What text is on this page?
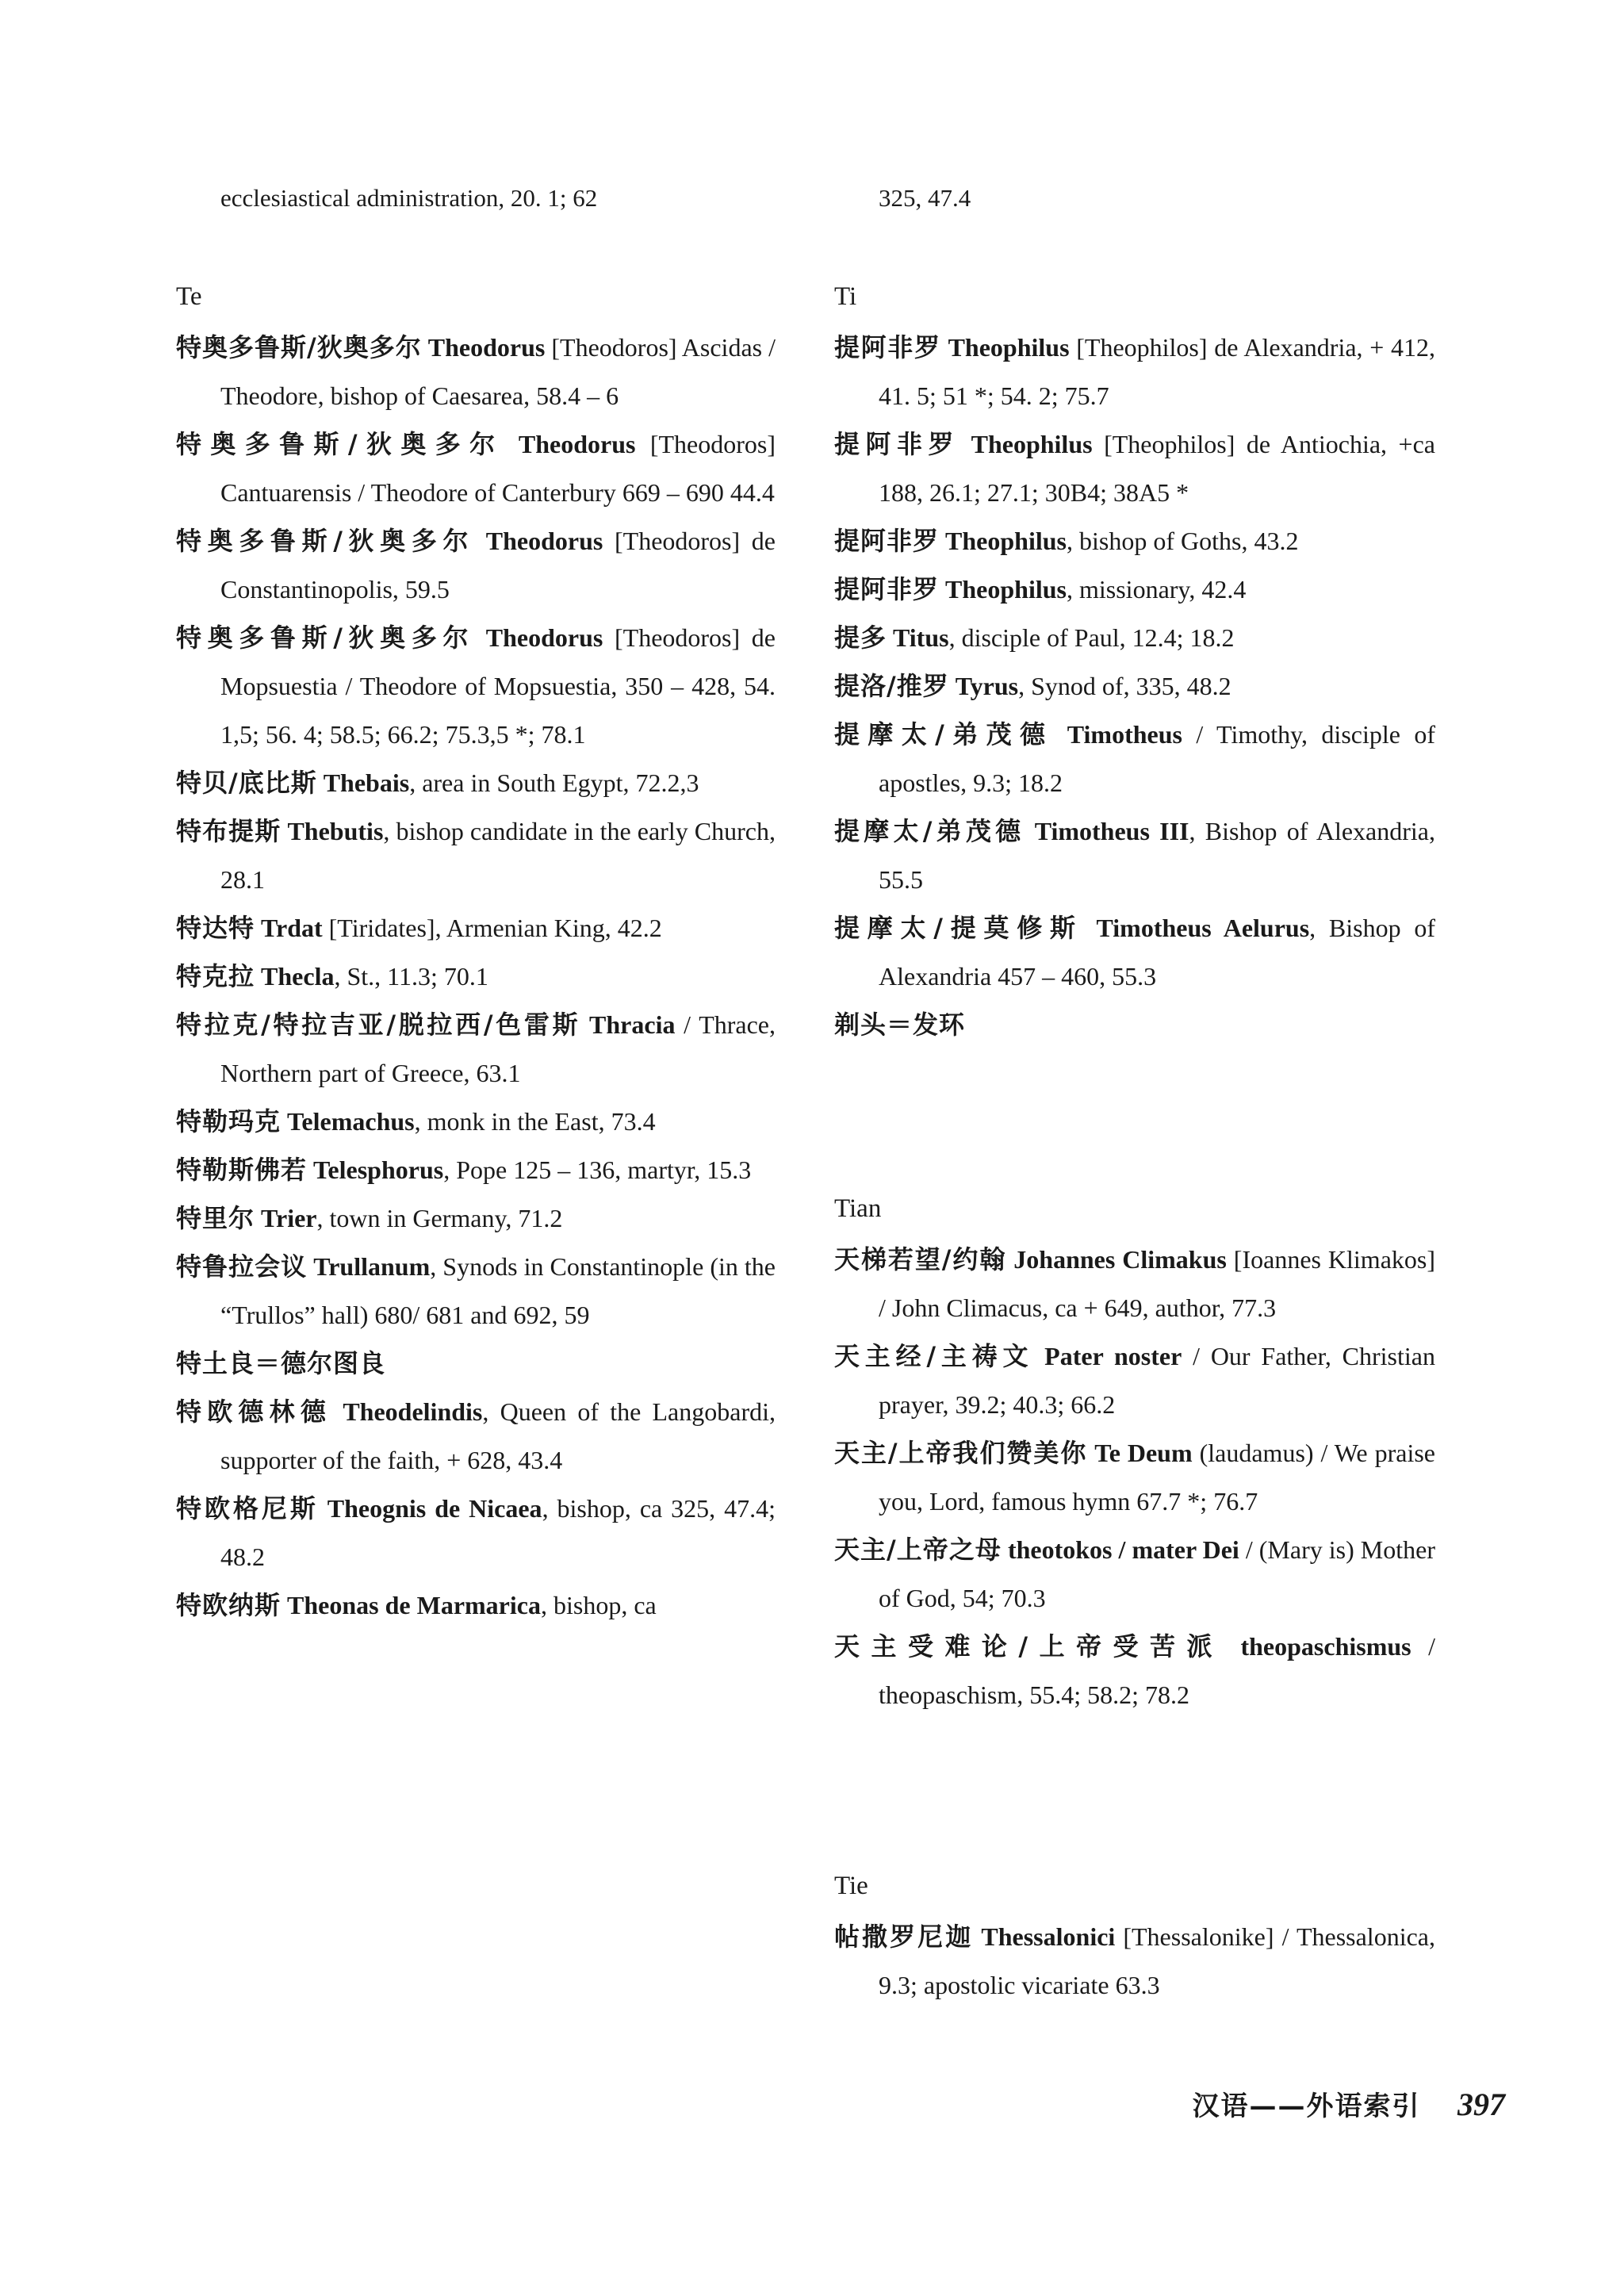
ecclesiastical administration, 20. 1; 62
Te

特奥多鲁斯/狄奥多尔 Theodorus [Theodoros] Ascidas / Theodore, bishop of Caesarea, 58.4 – 6

特奥多鲁斯/狄奥多尔 Theodorus [Theodoros] Cantuarensis / Theodore of Canterbury 669 – 690 44.4

特奥多鲁斯/狄奥多尔 Theodorus [Theodoros] de Constantinopolis, 59.5

特奥多鲁斯/狄奥多尔 Theodorus [Theodoros] de Mopsuestia / Theodore of Mopsuestia, 350 – 428, 54. 1,5; 56. 4; 58.5; 66.2; 75.3,5 *; 78.1

特贝/底比斯 Thebais, area in South Egypt, 72.2,3

特布提斯 Thebutis, bishop candidate in the early Church, 28.1

特达特 Trdat [Tiridates], Armenian King, 42.2

特克拉 Thecla, St., 11.3; 70.1

特拉克/特拉吉亚/脱拉西/色雷斯 Thracia / Thrace, Northern part of Greece, 63.1

特勒玛克 Telemachus, monk in the East, 73.4

特勒斯佛若 Telesphorus, Pope 125 – 136, martyr, 15.3

特里尔 Trier, town in Germany, 71.2

特鲁拉会议 Trullanum, Synods in Constantinople (in the “Trullos” hall) 680/ 681 and 692, 59

特土良＝德尔图良

特欧德林德 Theodelindis, Queen of the Langobardi, supporter of the faith, + 628, 43.4

特欧格尼斯 Theognis de Nicaea, bishop, ca 325, 47.4; 48.2

特欧纳斯 Theonas de Marmarica, bishop, ca

325, 47.4
Ti

提阿非罗 Theophilus [Theophilos] de Alexandria, + 412, 41. 5; 51 *; 54. 2; 75.7

提阿非罗 Theophilus [Theophilos] de Antiochia, +ca 188, 26.1; 27.1; 30B4; 38A5 *

提阿非罗 Theophilus, bishop of Goths, 43.2

提阿非罗 Theophilus, missionary, 42.4

提多 Titus, disciple of Paul, 12.4; 18.2

提洛/推罗 Tyrus, Synod of, 335, 48.2

提摩太/弟茂德 Timotheus / Timothy, disciple of apostles, 9.3; 18.2

提摩太/弟茂德 Timotheus III, Bishop of Alexandria, 55.5

提摩太/提莫修斯 Timotheus Aelurus, Bishop of Alexandria 457 – 460, 55.3

剃头＝发环

Tian

天梯若望/约翰 Johannes Climakus [Ioannes Klimakos] / John Climacus, ca + 649, author, 77.3

天主经/主祷文 Pater noster / Our Father, Christian prayer, 39.2; 40.3; 66.2

天主/上帝我们赞美你 Te Deum (laudamus) / We praise you, Lord, famous hymn 67.7 *; 76.7

天主/上帝之母 theotokos / mater Dei / (Mary is) Mother of God, 54; 70.3

天主受难论/上帝受苦派 theopaschismus / theopaschism, 55.4; 58.2; 78.2

Tie

帖撒罗尼迦 Thessalonici [Thessalonike] / Thessalonica, 9.3; apostolic vicariate 63.3

汉语——外语索引 397
